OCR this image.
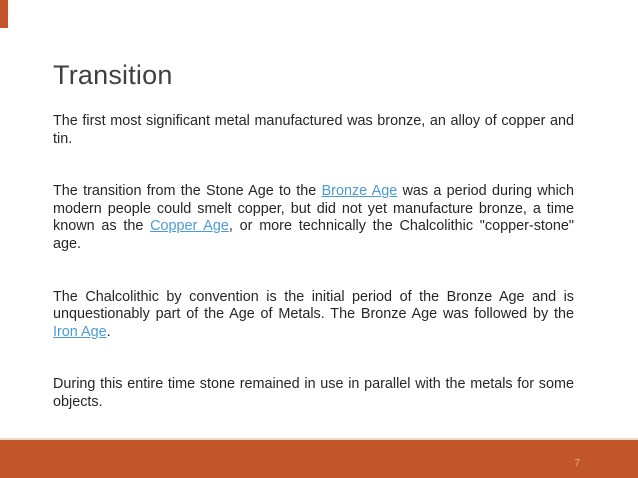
Transition

The first most significant metal manufactured was bronze, an alloy of copper and tin.

The transition from the Stone Age to the Bronze Age was a period during which modern people could smelt copper, but did not yet manufacture bronze, a time known as the Copper Age, or more technically the Chalcolithic "copper-stone" age.

The Chalcolithic by convention is the initial period of the Bronze Age and is unquestionably part of the Age of Metals. The Bronze Age was followed by the Iron Age.

During this entire time stone remained in use in parallel with the metals for some objects.

7
